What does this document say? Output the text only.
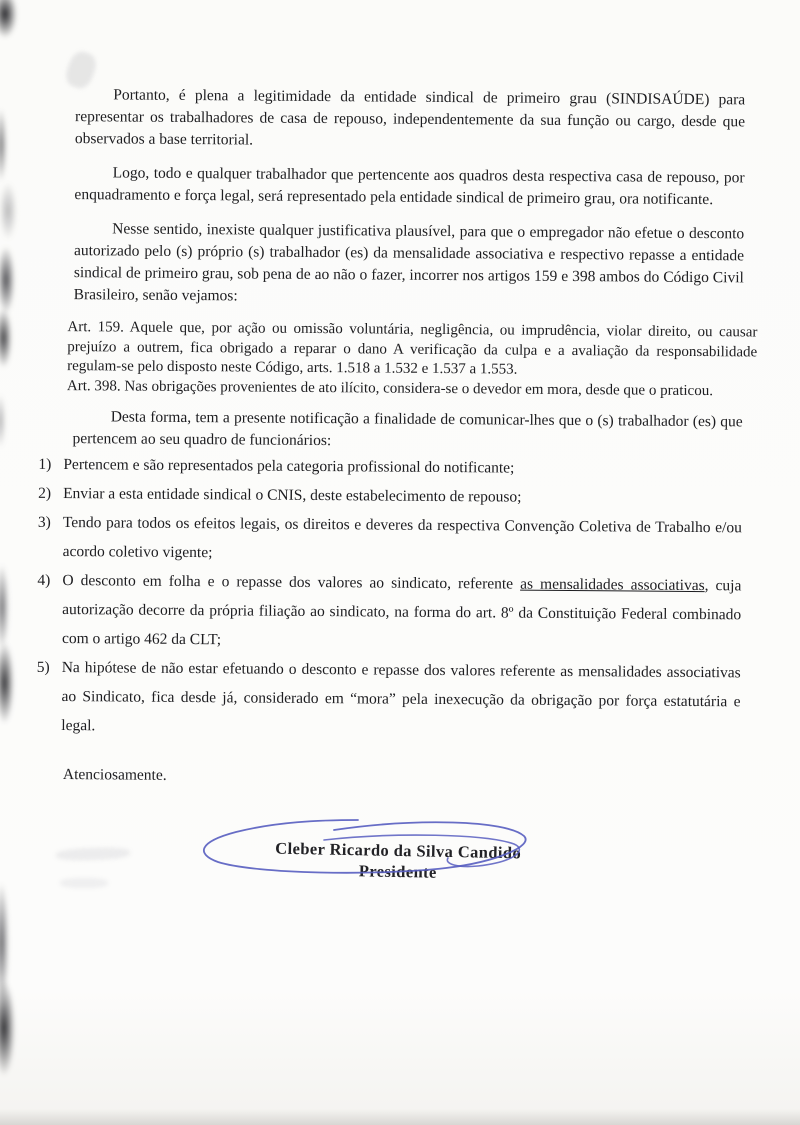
Portanto, é plena a legitimidade da entidade sindical de primeiro grau (SINDISAÚDE) para representar os trabalhadores de casa de repouso, independentemente da sua função ou cargo, desde que observados a base territorial.

Logo, todo e qualquer trabalhador que pertencente aos quadros desta respectiva casa de repouso, por enquadramento e força legal, será representado pela entidade sindical de primeiro grau, ora notificante.

Nesse sentido, inexiste qualquer justificativa plausível, para que o empregador não efetue o desconto autorizado pelo (s) próprio (s) trabalhador (es) da mensalidade associativa e respectivo repasse a entidade sindical de primeiro grau, sob pena de ao não o fazer, incorrer nos artigos 159 e 398 ambos do Código Civil Brasileiro, senão vejamos:

Art. 159. Aquele que, por ação ou omissão voluntária, negligência, ou imprudência, violar direito, ou causar prejuízo a outrem, fica obrigado a reparar o dano A verificação da culpa e a avaliação da responsabilidade regulam-se pelo disposto neste Código, arts. 1.518 a 1.532 e 1.537 a 1.553.
Art. 398. Nas obrigações provenientes de ato ilícito, considera-se o devedor em mora, desde que o praticou.

Desta forma, tem a presente notificação a finalidade de comunicar-lhes que o (s) trabalhador (es) que pertencem ao seu quadro de funcionários:

1) Pertencem e são representados pela categoria profissional do notificante;
2) Enviar a esta entidade sindical o CNIS, deste estabelecimento de repouso;
3) Tendo para todos os efeitos legais, os direitos e deveres da respectiva Convenção Coletiva de Trabalho e/ou acordo coletivo vigente;
4) O desconto em folha e o repasse dos valores ao sindicato, referente as mensalidades associativas, cuja autorização decorre da própria filiação ao sindicato, na forma do art. 8º da Constituição Federal combinado com o artigo 462 da CLT;
5) Na hipótese de não estar efetuando o desconto e repasse dos valores referente as mensalidades associativas ao Sindicato, fica desde já, considerado em “mora” pela inexecução da obrigação por força estatutária e legal.

Atenciosamente.

Cleber Ricardo da Silva Candido
Presidente
